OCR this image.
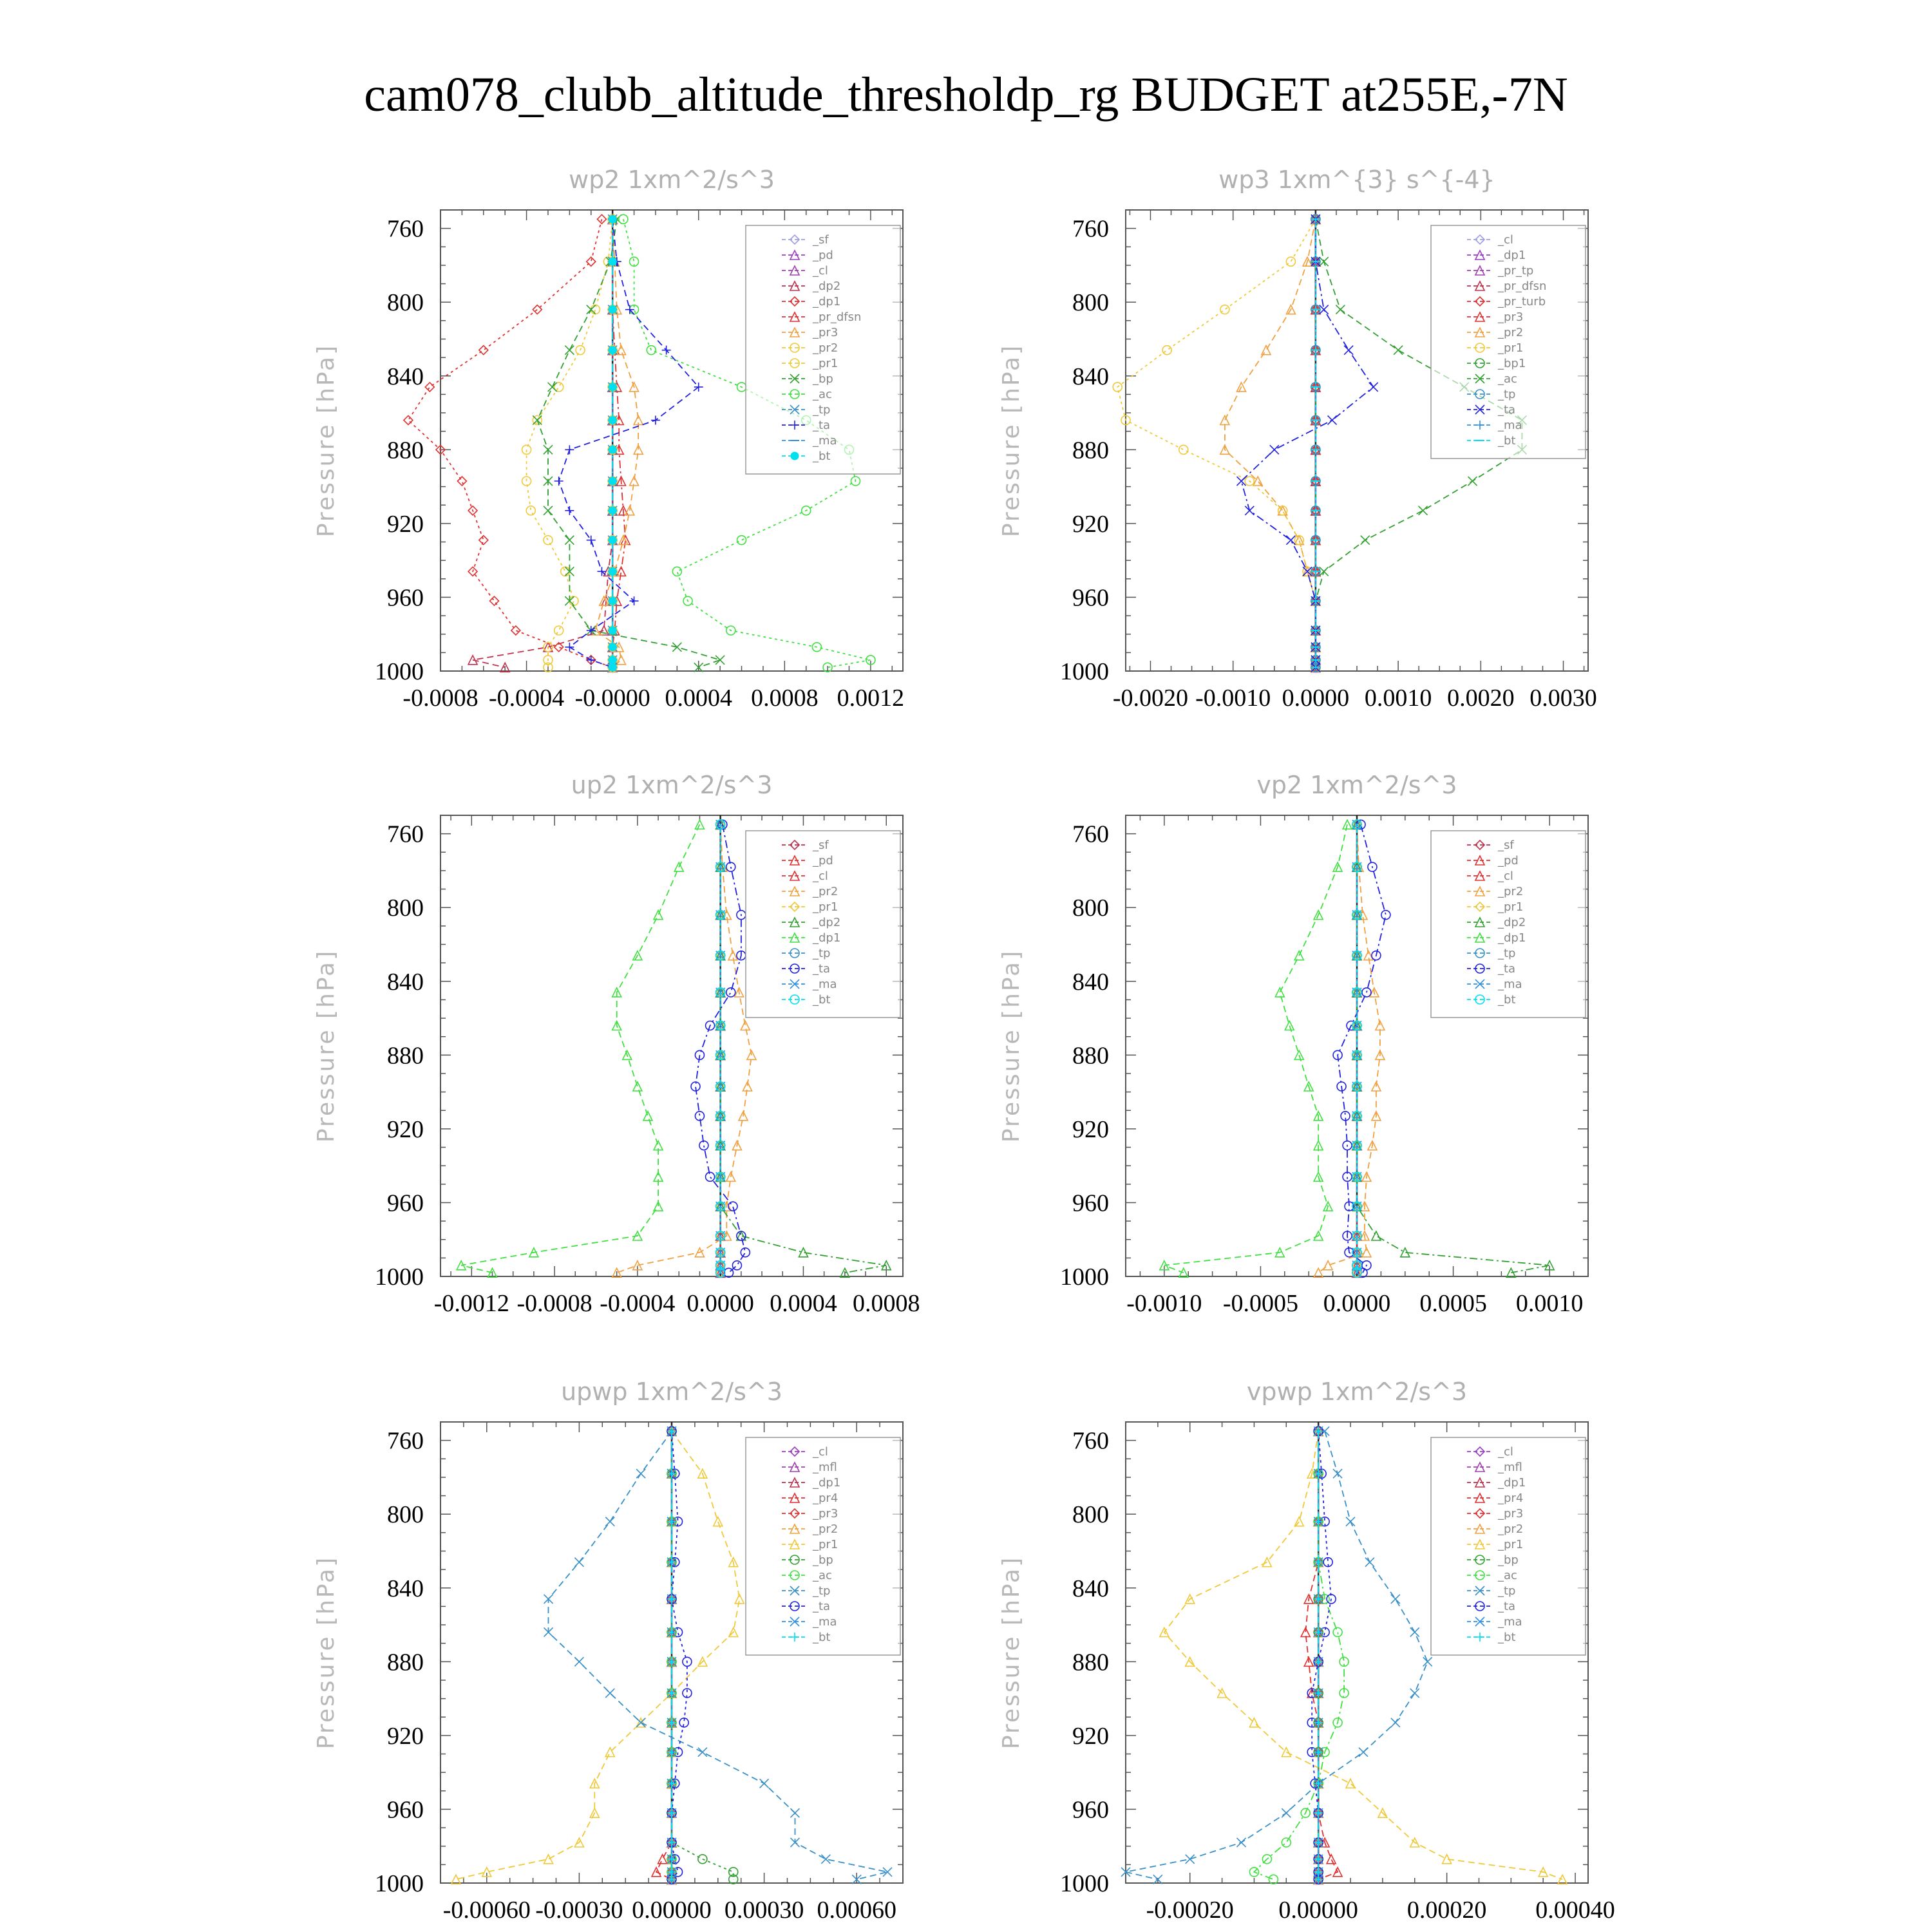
cam078_clubb_altitude_thresholdp_rg BUDGET at255E,-7N
wp2 1xm^2/s^3
Pressure [hPa]
760
800
840
880
920
960
1000
-0.0008 -0.0004 -0.0000 0.0004 0.0008 0.0012
_sf
_pd
_cl
_dp2
_dp1
_pr_dfsn
_pr3
_pr2
_pr1
_bp
_ac
_tp
_ta
_ma
_bt
wp3 1xm^{3} s^{-4}
Pressure [hPa]
760
800
840
880
920
960
1000
-0.0020 -0.0010 0.0000 0.0010 0.0020 0.0030
_cl
_dp1
_pr_tp
_pr_dfsn
_pr_turb
_pr3
_pr2
_pr1
_bp1
_ac
_tp
_ta
_ma
_bt
up2 1xm^2/s^3
Pressure [hPa]
760
800
840
880
920
960
1000
-0.0012 -0.0008 -0.0004 0.0000 0.0004 0.0008
_sf
_pd
_cl
_pr2
_pr1
_dp2
_dp1
_tp
_ta
_ma
_bt
vp2 1xm^2/s^3
Pressure [hPa]
760
800
840
880
920
960
1000
-0.0010 -0.0005 0.0000 0.0005 0.0010
_sf
_pd
_cl
_pr2
_pr1
_dp2
_dp1
_tp
_ta
_ma
_bt
upwp 1xm^2/s^3
Pressure [hPa]
760
800
840
880
920
960
1000
-0.00060 -0.00030 0.00000 0.00030 0.00060
_cl
_mfl
_dp1
_pr4
_pr3
_pr2
_pr1
_bp
_ac
_tp
_ta
_ma
_bt
vpwp 1xm^2/s^3
Pressure [hPa]
760
800
840
880
920
960
1000
-0.00020 0.00000 0.00020 0.00040
_cl
_mfl
_dp1
_pr4
_pr3
_pr2
_pr1
_bp
_ac
_tp
_ta
_ma
_bt
